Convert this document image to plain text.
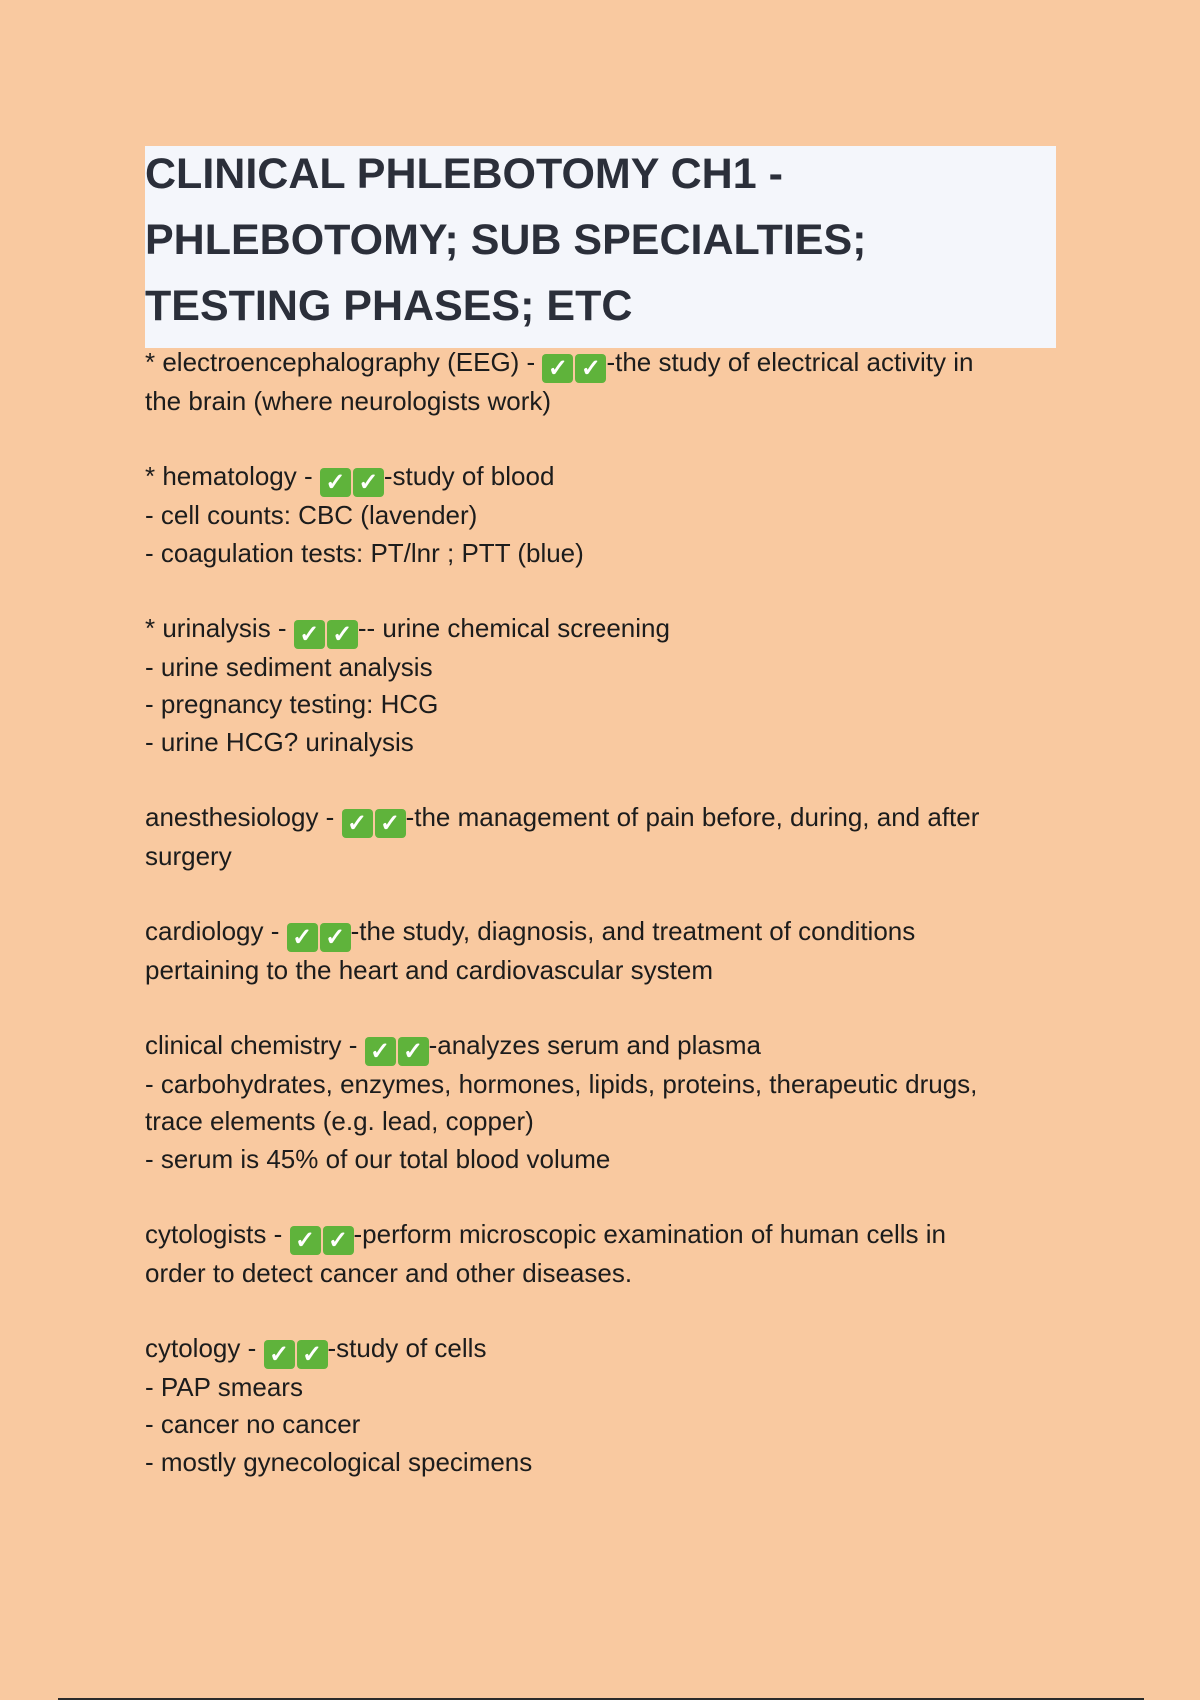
CLINICAL PHLEBOTOMY CH1 -
PHLEBOTOMY; SUB SPECIALTIES;
TESTING PHASES; ETC
* electroencephalography (EEG) - ✓ ✓ -the study of electrical activity in
the brain (where neurologists work)
* hematology - ✓ ✓ -study of blood
- cell counts: CBC (lavender)
- coagulation tests: PT/lnr ; PTT (blue)
* urinalysis - ✓ ✓ -- urine chemical screening
- urine sediment analysis
- pregnancy testing: HCG
- urine HCG? urinalysis
anesthesiology - ✓ ✓ -the management of pain before, during, and after
surgery
cardiology - ✓ ✓ -the study, diagnosis, and treatment of conditions
pertaining to the heart and cardiovascular system
clinical chemistry - ✓ ✓ -analyzes serum and plasma
- carbohydrates, enzymes, hormones, lipids, proteins, therapeutic drugs,
trace elements (e.g. lead, copper)
- serum is 45% of our total blood volume
cytologists - ✓ ✓ -perform microscopic examination of human cells in
order to detect cancer and other diseases.
cytology - ✓ ✓ -study of cells
- PAP smears
- cancer no cancer
- mostly gynecological specimens
